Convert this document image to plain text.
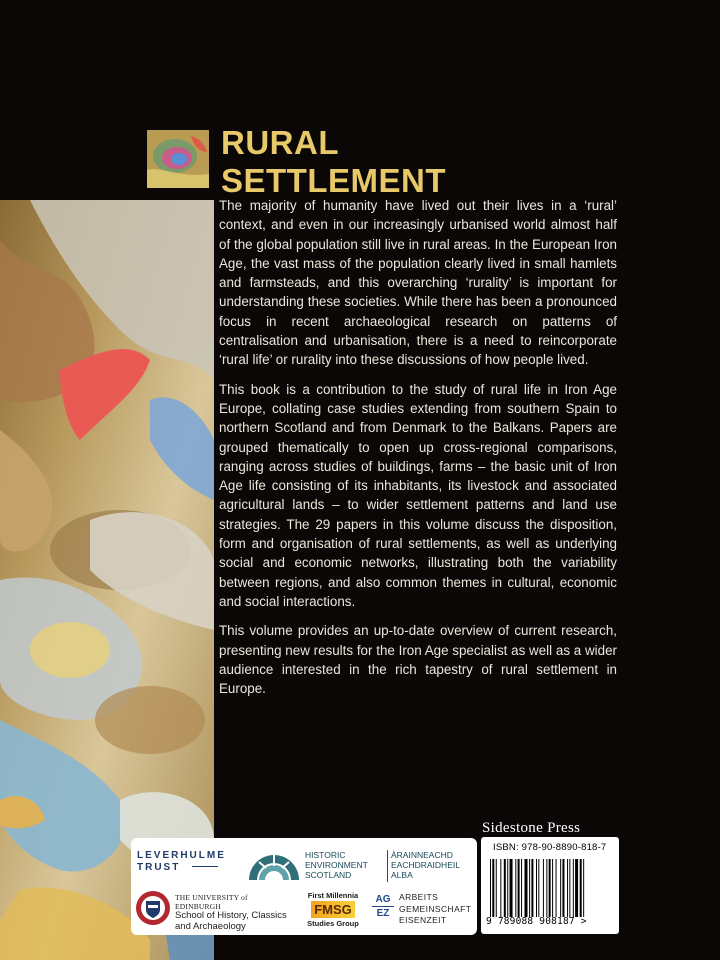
RURAL
SETTLEMENT

The majority of humanity have lived out their lives in a ‘rural’ context, and even in our increasingly urbanised world almost half of the global population still live in rural areas. In the European Iron Age, the vast mass of the population clearly lived in small hamlets and farmsteads, and this overarching ‘rurality’ is important for understanding these societies. While there has been a pronounced focus in recent archaeological research on patterns of centralisation and urbanisation, there is a need to reincorporate ‘rural life’ or rurality into these discussions of how people lived.

This book is a contribution to the study of rural life in Iron Age Europe, collating case studies extending from southern Spain to northern Scotland and from Denmark to the Balkans. Papers are grouped thematically to open up cross-regional comparisons, ranging across studies of buildings, farms – the basic unit of Iron Age life consisting of its inhabitants, its livestock and associated agricultural lands – to wider settlement patterns and land use strategies. The 29 papers in this volume discuss the disposition, form and organisation of rural settlements, as well as underlying social and economic networks, illustrating both the variability between regions, and also common themes in cultural, economic and social interactions.

This volume provides an up-to-date overview of current research, presenting new results for the Iron Age specialist as well as a wider audience interested in the rich tapestry of rural settlement in Europe.

Sidestone Press
LEVERHULME
TRUST
HISTORIC
ENVIRONMENT
SCOTLAND
ÀRAINNEACHD
EACHDRAIDHEIL
ALBA
THE UNIVERSITY of EDINBURGH
School of History, Classics
and Archaeology
First Millennia
FMSG
Studies Group
AG
EZ
ARBEITS
GEMEINSCHAFT
EISENZEIT
ISBN: 978-90-8890-818-7
9 789088 908187 >
